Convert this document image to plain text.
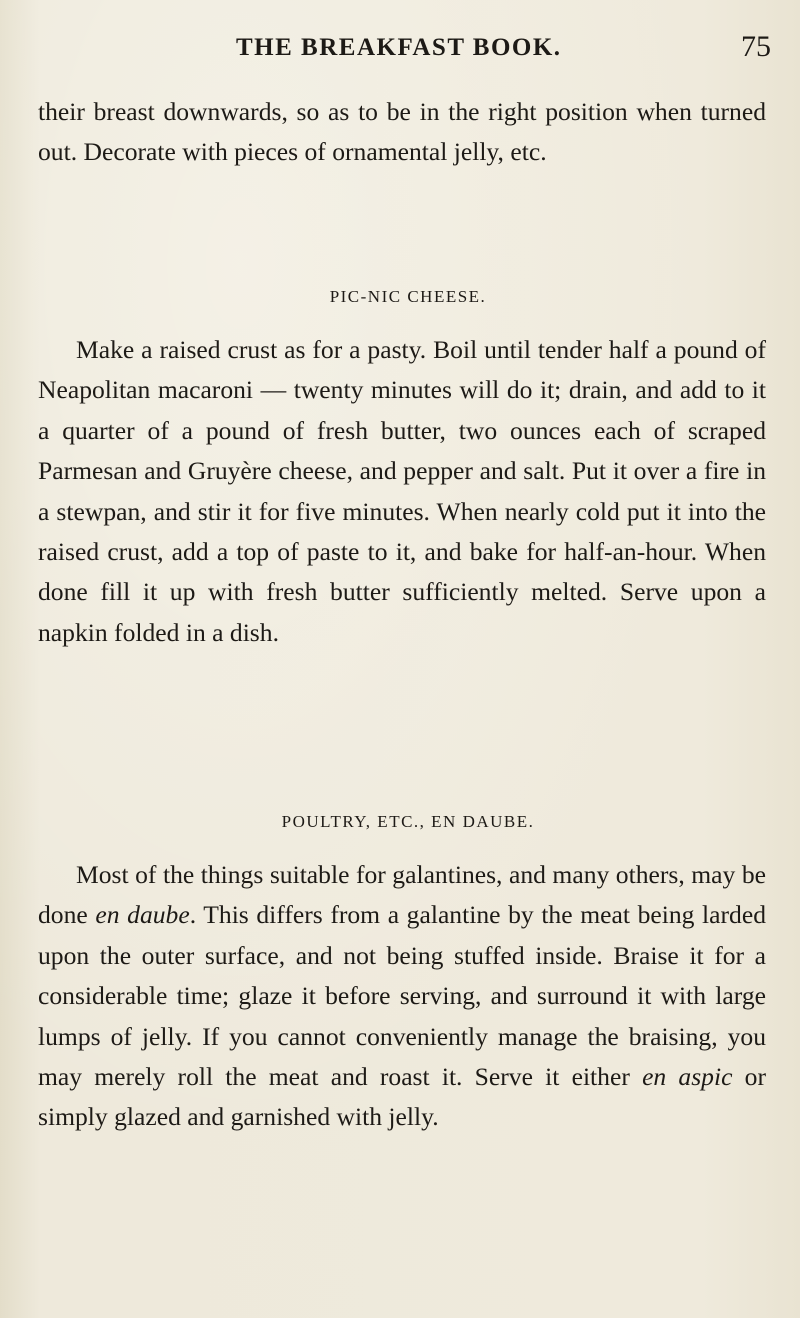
THE BREAKFAST BOOK.	75

their breast downwards, so as to be in the right position when turned out. Decorate with pieces of ornamental jelly, etc.

PIC-NIC CHEESE.

Make a raised crust as for a pasty. Boil until tender half a pound of Neapolitan macaroni — twenty minutes will do it; drain, and add to it a quarter of a pound of fresh butter, two ounces each of scraped Parmesan and Gruyère cheese, and pepper and salt. Put it over a fire in a stewpan, and stir it for five minutes. When nearly cold put it into the raised crust, add a top of paste to it, and bake for half-an-hour. When done fill it up with fresh butter sufficiently melted. Serve upon a napkin folded in a dish.

POULTRY, ETC., EN DAUBE.

Most of the things suitable for galantines, and many others, may be done en daube. This differs from a galantine by the meat being larded upon the outer surface, and not being stuffed inside. Braise it for a considerable time; glaze it before serving, and surround it with large lumps of jelly. If you cannot conveniently manage the braising, you may merely roll the meat and roast it. Serve it either en aspic or simply glazed and garnished with jelly.
